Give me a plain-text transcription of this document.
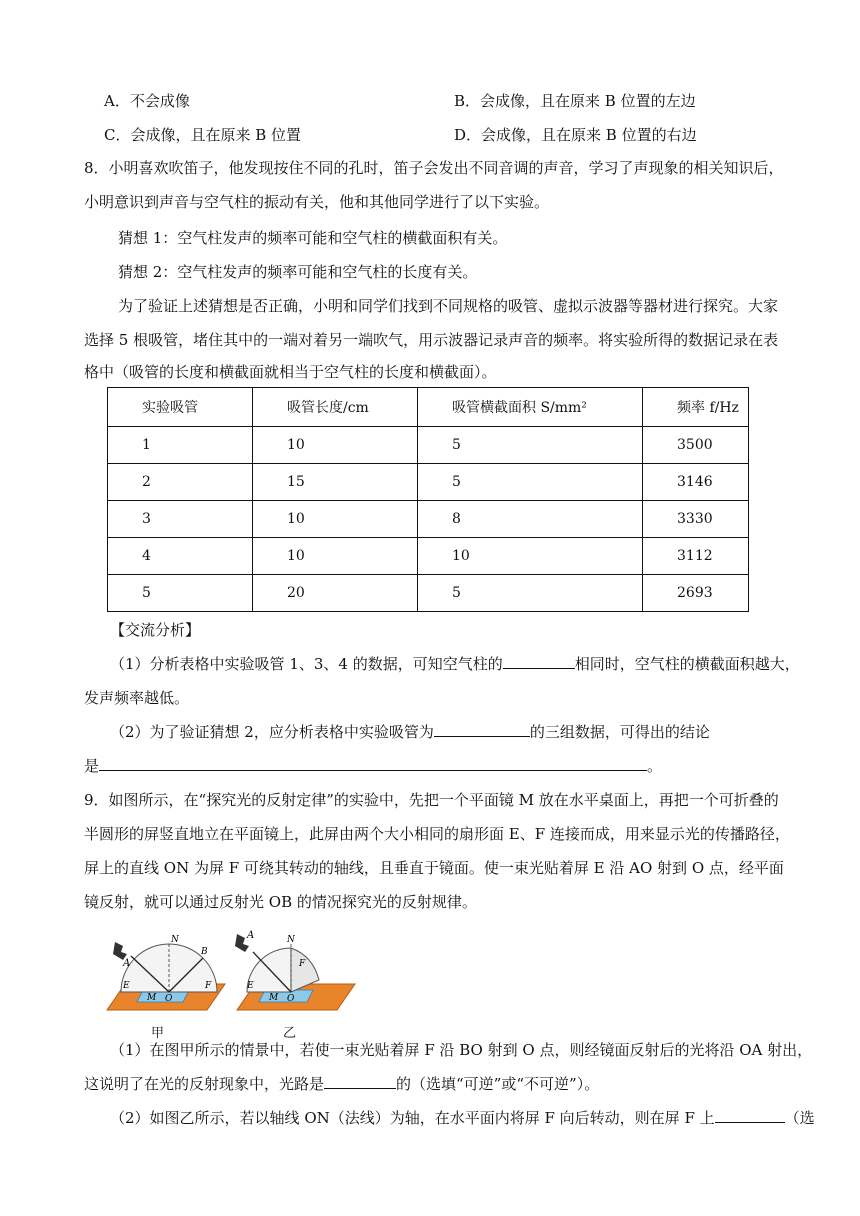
A．不会成像	B．会成像，且在原来 B 位置的左边
C．会成像，且在原来 B 位置	D．会成像，且在原来 B 位置的右边
8．小明喜欢吹笛子，他发现按住不同的孔时，笛子会发出不同音调的声音，学习了声现象的相关知识后，
小明意识到声音与空气柱的振动有关，他和其他同学进行了以下实验。
猜想 1：空气柱发声的频率可能和空气柱的横截面积有关。
猜想 2：空气柱发声的频率可能和空气柱的长度有关。
为了验证上述猜想是否正确，小明和同学们找到不同规格的吸管、虚拟示波器等器材进行探究。大家
选择 5 根吸管，堵住其中的一端对着另一端吹气，用示波器记录声音的频率。将实验所得的数据记录在表
格中（吸管的长度和横截面就相当于空气柱的长度和横截面）。
实验吸管	吸管长度/cm	吸管横截面积 S/mm²	频率 f/Hz
1	10	5	3500
2	15	5	3146
3	10	8	3330
4	10	10	3112
5	20	5	2693
【交流分析】
（1）分析表格中实验吸管 1、3、4 的数据，可知空气柱的	相同时，空气柱的横截面积越大，
发声频率越低。
（2）为了验证猜想 2，应分析表格中实验吸管为	的三组数据，可得出的结论
是	。
9．如图所示，在“探究光的反射定律”的实验中，先把一个平面镜 M 放在水平桌面上，再把一个可折叠的
半圆形的屏竖直地立在平面镜上，此屏由两个大小相同的扇形面 E、F 连接而成，用来显示光的传播路径，
屏上的直线 ON 为屏 F 可绕其转动的轴线，且垂直于镜面。使一束光贴着屏 E 沿 AO 射到 O 点，经平面
镜反射，就可以通过反射光 OB 的情况探究光的反射规律。
A
N
B
E	F
M O
甲
A	N
F
E
M O
乙
（1）在图甲所示的情景中，若使一束光贴着屏 F 沿 BO 射到 O 点，则经镜面反射后的光将沿 OA 射出，
这说明了在光的反射现象中，光路是	的（选填“可逆”或“不可逆”）。
（2）如图乙所示，若以轴线 ON（法线）为轴，在水平面内将屏 F 向后转动，则在屏 F 上	（选
